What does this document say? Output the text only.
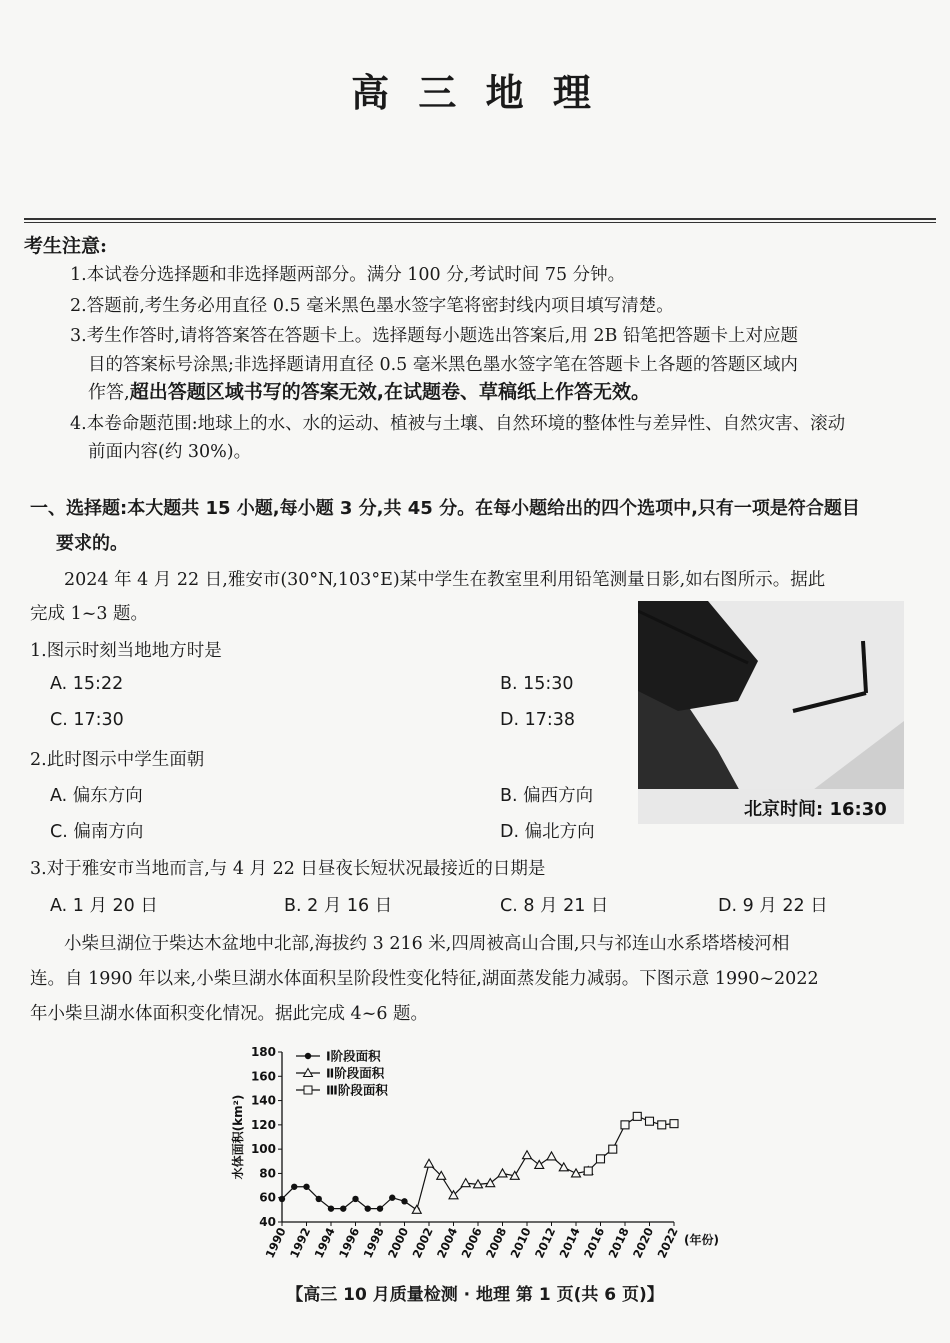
高 三 地 理
考生注意:
1.本试卷分选择题和非选择题两部分。满分 100 分,考试时间 75 分钟。
2.答题前,考生务必用直径 0.5 毫米黑色墨水签字笔将密封线内项目填写清楚。
3.考生作答时,请将答案答在答题卡上。选择题每小题选出答案后,用 2B 铅笔把答题卡上对应题
目的答案标号涂黑;非选择题请用直径 0.5 毫米黑色墨水签字笔在答题卡上各题的答题区域内
作答,超出答题区域书写的答案无效,在试题卷、草稿纸上作答无效。
4.本卷命题范围:地球上的水、水的运动、植被与土壤、自然环境的整体性与差异性、自然灾害、滚动
前面内容(约 30%)。
一、选择题:本大题共 15 小题,每小题 3 分,共 45 分。在每小题给出的四个选项中,只有一项是符合题目
要求的。
2024 年 4 月 22 日,雅安市(30°N,103°E)某中学生在教室里利用铅笔测量日影,如右图所示。据此
完成 1~3 题。
北京时间: 16:30
1.图示时刻当地地方时是
A. 15:22	B. 15:30
C. 17:30	D. 17:38
2.此时图示中学生面朝
A. 偏东方向	B. 偏西方向
C. 偏南方向	D. 偏北方向
3.对于雅安市当地而言,与 4 月 22 日昼夜长短状况最接近的日期是
A. 1 月 20 日	B. 2 月 16 日	C. 8 月 21 日	D. 9 月 22 日
小柴旦湖位于柴达木盆地中北部,海拔约 3 216 米,四周被高山合围,只与祁连山水系塔塔棱河相
连。自 1990 年以来,小柴旦湖水体面积呈阶段性变化特征,湖面蒸发能力减弱。下图示意 1990~2022
年小柴旦湖水体面积变化情况。据此完成 4~6 题。
40
60
80
100
120
140
160
180
1990
1992
1994
1996
1998
2000
2002
2004
2006
2008
2010
2012
2014
2016
2018
2020
2022
水体面积(km²)
(年份)
Ⅰ阶段面积
Ⅱ阶段面积
Ⅲ阶段面积
【高三 10 月质量检测 · 地理 第 1 页(共 6 页)】
